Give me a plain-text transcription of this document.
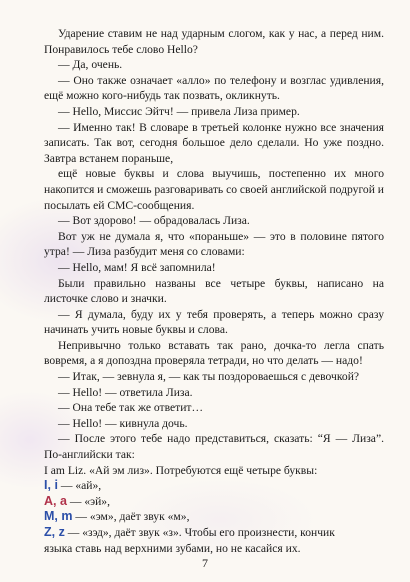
Ударение ставим не над ударным слогом, как у нас, а перед ним. Понравилось тебе слово Hello?

— Да, очень.

— Оно также означает «алло» по телефону и возглас удивления, ещё можно кого-нибудь так позвать, окликнуть.

— Hello, Миссис Эйтч! — привела Лиза пример.

— Именно так! В словаре в третьей колонке нужно все значения записать. Так вот, сегодня большое дело сделали. Но уже поздно. Завтра встанем пораньше,

ещё новые буквы и слова выучишь, постепенно их много накопится и сможешь разговаривать со своей английской подругой и посылать ей СМС-сообщения.

— Вот здорово! — обрадовалась Лиза.

Вот уж не думала я, что «пораньше» — это в половине пятого утра! — Лиза разбудит меня со словами:

— Hello, мам! Я всё запомнила!

Были правильно названы все четыре буквы, написано на листочке слово и значки.

— Я думала, буду их у тебя проверять, а теперь можно сразу начинать учить новые буквы и слова.

Непривычно только вставать так рано, дочка-то легла спать вовремя, а я допоздна проверяла тетради, но что делать — надо!

— Итак, — зевнула я, — как ты поздороваешься с девочкой?

— Hello! — ответила Лиза.

— Она тебе так же ответит…

— Hello! — кивнула дочь.

— После этого тебе надо представиться, сказать: “Я — Лиза”. По-английски так:

I am Liz. «Ай эм лиз». Потребуются ещё четыре буквы:

I, i — «ай»,

A, a — «эй»,

M, m — «эм», даёт звук «м»,

Z, z — «зэд», даёт звук «з». Чтобы его произнести, кончик

языка ставь над верхними зубами, но не касайся их.

7
